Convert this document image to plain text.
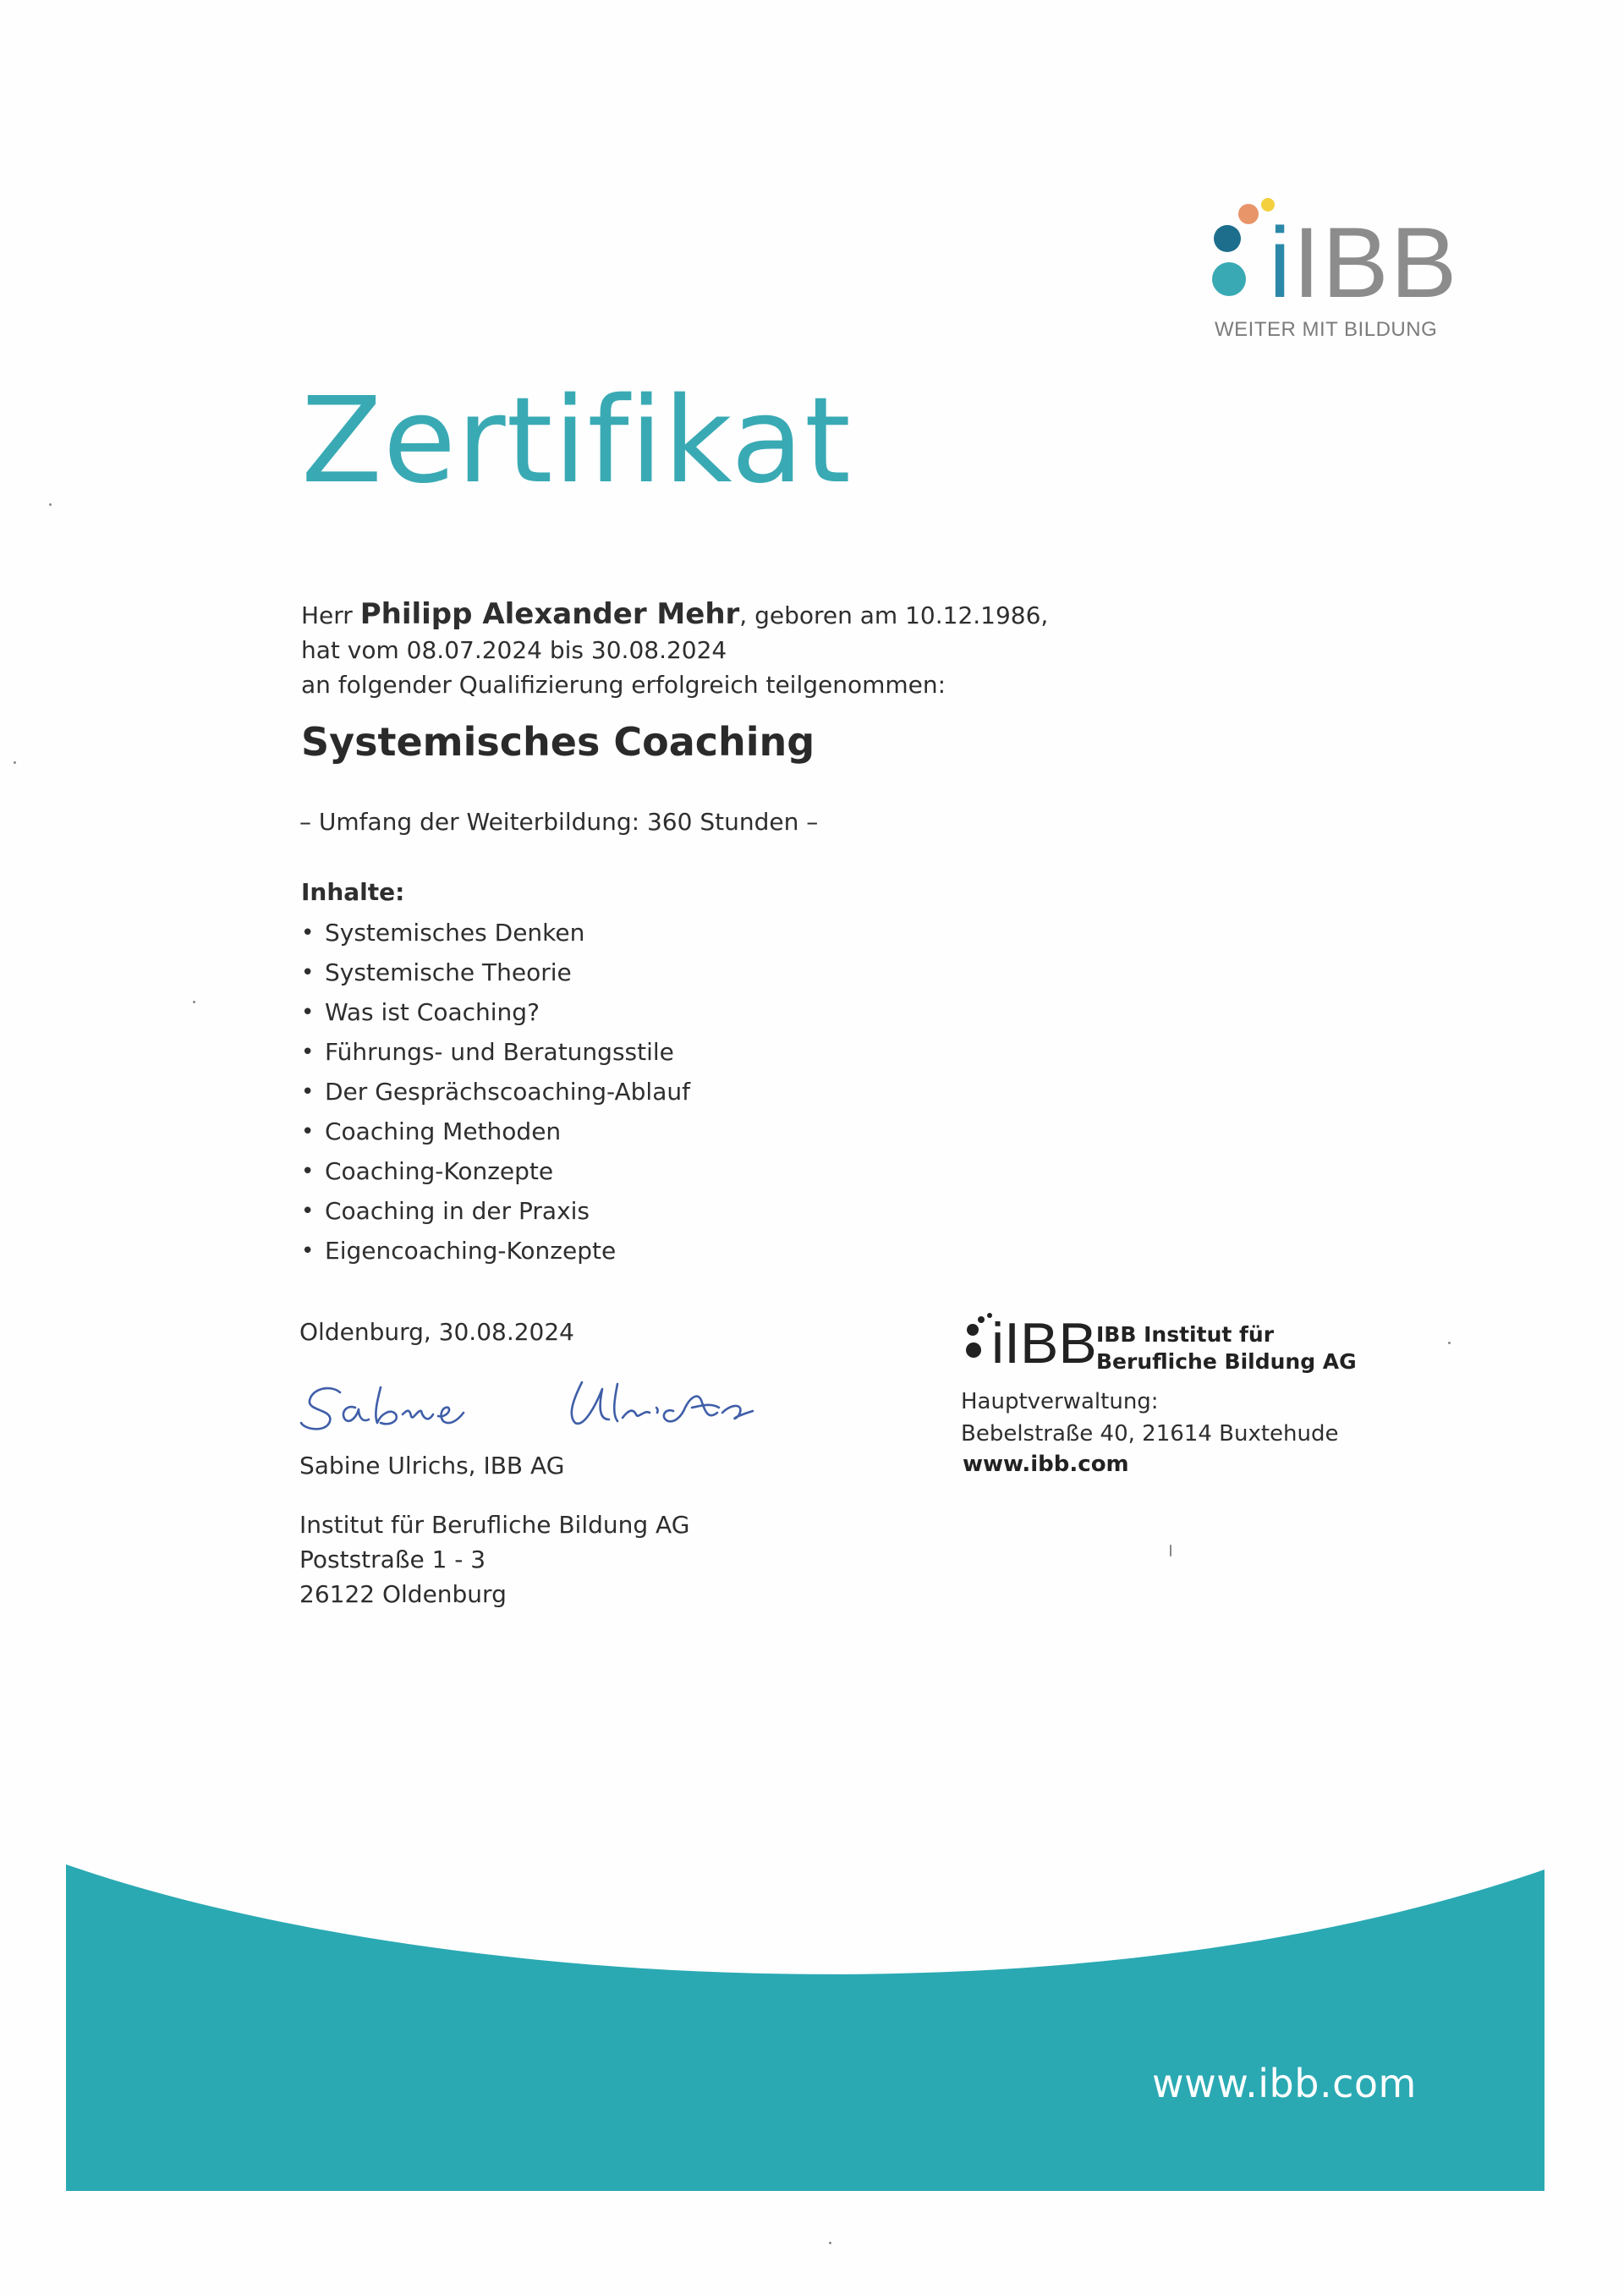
iIBB
WEITER MIT BILDUNG
Zertifikat
Herr Philipp Alexander Mehr, geboren am 10.12.1986,
hat vom 08.07.2024 bis 30.08.2024
an folgender Qualifizierung erfolgreich teilgenommen:
Systemisches Coaching
– Umfang der Weiterbildung: 360 Stunden –
Inhalte:
• Systemisches Denken
• Systemische Theorie
• Was ist Coaching?
• Führungs- und Beratungsstile
• Der Gesprächscoaching-Ablauf
• Coaching Methoden
• Coaching-Konzepte
• Coaching in der Praxis
• Eigencoaching-Konzepte
Oldenburg, 30.08.2024
Sabine Ulrichs, IBB AG
Institut für Berufliche Bildung AG
Poststraße 1 - 3
26122 Oldenburg
iIBB IBB Institut für
Berufliche Bildung AG
Hauptverwaltung:
Bebelstraße 40, 21614 Buxtehude
www.ibb.com
www.ibb.com
